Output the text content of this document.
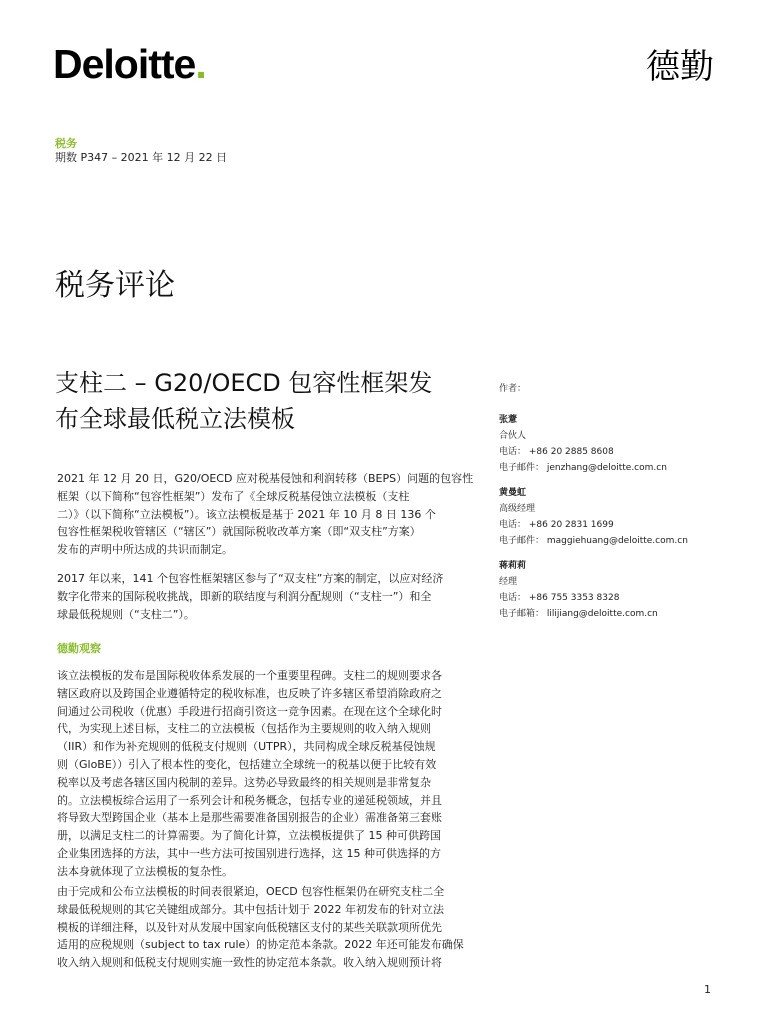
Deloitte.	德勤
税务
期数 P347 – 2021 年 12 月 22 日
税务评论
支柱二 – G20/OECD 包容性框架发
布全球最低税立法模板
2021 年 12 月 20 日，G20/OECD 应对税基侵蚀和利润转移（BEPS）问题的包容性
框架（以下简称“包容性框架”）发布了《全球反税基侵蚀立法模板（支柱
二）》（以下简称“立法模板”）。该立法模板是基于 2021 年 10 月 8 日 136 个
包容性框架税收管辖区（“辖区”）就国际税收改革方案（即“双支柱”方案）
发布的声明中所达成的共识而制定。
2017 年以来，141 个包容性框架辖区参与了“双支柱”方案的制定，以应对经济
数字化带来的国际税收挑战，即新的联结度与利润分配规则（“支柱一”）和全
球最低税规则（“支柱二”）。
德勤观察
该立法模板的发布是国际税收体系发展的一个重要里程碑。支柱二的规则要求各
辖区政府以及跨国企业遵循特定的税收标准，也反映了许多辖区希望消除政府之
间通过公司税收（优惠）手段进行招商引资这一竞争因素。在现在这个全球化时
代，为实现上述目标，支柱二的立法模板（包括作为主要规则的收入纳入规则
（IIR）和作为补充规则的低税支付规则（UTPR），共同构成全球反税基侵蚀规
则（GloBE））引入了根本性的变化，包括建立全球统一的税基以便于比较有效
税率以及考虑各辖区国内税制的差异。这势必导致最终的相关规则是非常复杂
的。立法模板综合运用了一系列会计和税务概念，包括专业的递延税领域，并且
将导致大型跨国企业（基本上是那些需要准备国别报告的企业）需准备第三套账
册，以满足支柱二的计算需要。为了简化计算，立法模板提供了 15 种可供跨国
企业集团选择的方法，其中一些方法可按国别进行选择，这 15 种可供选择的方
法本身就体现了立法模板的复杂性。
由于完成和公布立法模板的时间表很紧迫，OECD 包容性框架仍在研究支柱二全
球最低税规则的其它关键组成部分。其中包括计划于 2022 年初发布的针对立法
模板的详细注释，以及针对从发展中国家向低税辖区支付的某些关联款项所优先
适用的应税规则（subject to tax rule）的协定范本条款。2022 年还可能发布确保
收入纳入规则和低税支付规则实施一致性的协定范本条款。收入纳入规则预计将
作者：
张薏
合伙人
电话： +86 20 2885 8608
电子邮件： jenzhang@deloitte.com.cn
黄曼虹
高级经理
电话： +86 20 2831 1699
电子邮件： maggiehuang@deloitte.com.cn
蒋莉莉
经理
电话： +86 755 3353 8328
电子邮箱： lilijiang@deloitte.com.cn
1
